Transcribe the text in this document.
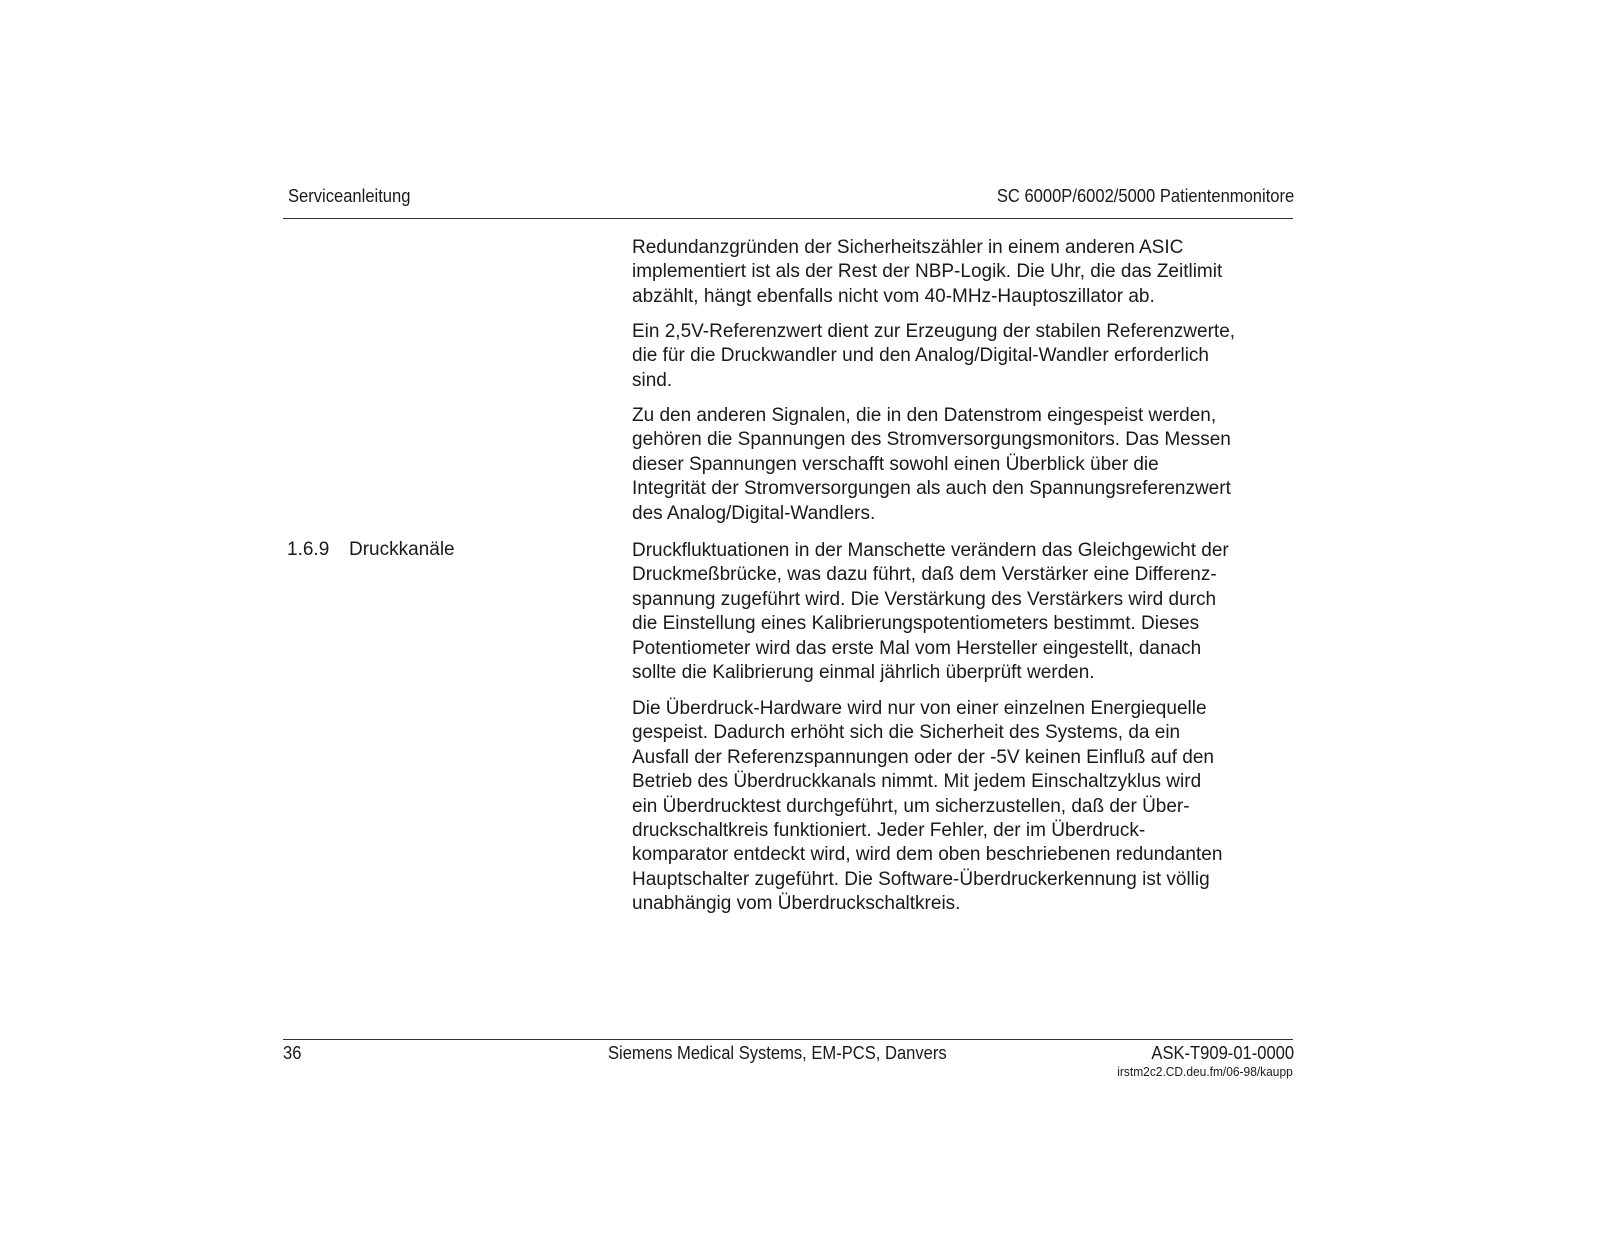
Serviceanleitung	SC 6000P/6002/5000 Patientenmonitore
1.6.9 Druckkanäle

Redundanzgründen der Sicherheitszähler in einem anderen ASIC
implementiert ist als der Rest der NBP-Logik. Die Uhr, die das Zeitlimit
abzählt, hängt ebenfalls nicht vom 40-MHz-Hauptoszillator ab.

Ein 2,5V-Referenzwert dient zur Erzeugung der stabilen Referenzwerte,
die für die Druckwandler und den Analog/Digital-Wandler erforderlich
sind.

Zu den anderen Signalen, die in den Datenstrom eingespeist werden,
gehören die Spannungen des Stromversorgungsmonitors. Das Messen
dieser Spannungen verschafft sowohl einen Überblick über die
Integrität der Stromversorgungen als auch den Spannungsreferenzwert
des Analog/Digital-Wandlers.

Druckfluktuationen in der Manschette verändern das Gleichgewicht der
Druckmeßbrücke, was dazu führt, daß dem Verstärker eine Differenz-
spannung zugeführt wird. Die Verstärkung des Verstärkers wird durch
die Einstellung eines Kalibrierungspotentiometers bestimmt. Dieses
Potentiometer wird das erste Mal vom Hersteller eingestellt, danach
sollte die Kalibrierung einmal jährlich überprüft werden.

Die Überdruck-Hardware wird nur von einer einzelnen Energiequelle
gespeist. Dadurch erhöht sich die Sicherheit des Systems, da ein
Ausfall der Referenzspannungen oder der -5V keinen Einfluß auf den
Betrieb des Überdruckkanals nimmt. Mit jedem Einschaltzyklus wird
ein Überdrucktest durchgeführt, um sicherzustellen, daß der Über-
druckschaltkreis funktioniert. Jeder Fehler, der im Überdruck-
komparator entdeckt wird, wird dem oben beschriebenen redundanten
Hauptschalter zugeführt. Die Software-Überdruckerkennung ist völlig
unabhängig vom Überdruckschaltkreis.

36	Siemens Medical Systems, EM-PCS, Danvers	ASK-T909-01-0000
irstm2c2.CD.deu.fm/06-98/kaupp
